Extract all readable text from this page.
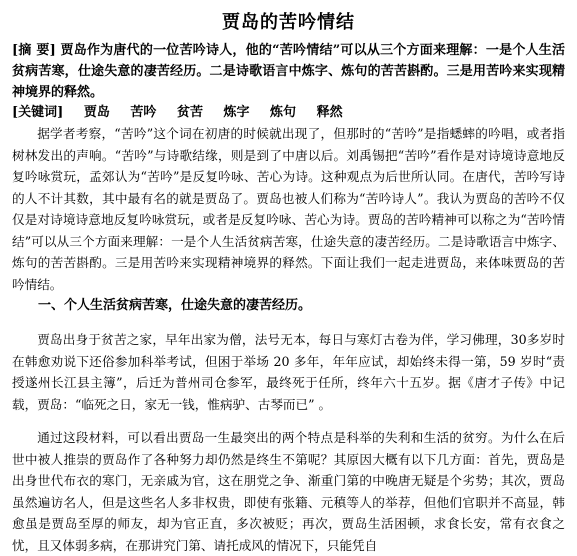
贾岛的苦吟情结

[摘 要] 贾岛作为唐代的一位苦吟诗人，他的“苦吟情结”可以从三个方面来理解：一是个人生活贫病苦寒，仕途失意的凄苦经历。二是诗歌语言中炼字、炼句的苦苦斟酌。三是用苦吟来实现精神境界的释然。

[关键词] 贾岛 苦吟 贫苦 炼字 炼句 释然

据学者考察，“苦吟”这个词在初唐的时候就出现了，但那时的“苦吟”是指蟋蟀的吟唱，或者指树林发出的声响。“苦吟”与诗歌结缘，则是到了中唐以后。刘禹锡把“苦吟”看作是对诗境诗意地反复吟咏赏玩，孟郊认为“苦吟”是反复吟咏、苦心为诗。这种观点为后世所认同。在唐代，苦吟写诗的人不计其数，其中最有名的就是贾岛了。贾岛也被人们称为“苦吟诗人”。我认为贾岛的苦吟不仅仅是对诗境诗意地反复吟咏赏玩，或者是反复吟咏、苦心为诗。贾岛的苦吟精神可以称之为“苦吟情结”可以从三个方面来理解：一是个人生活贫病苦寒，仕途失意的凄苦经历。二是诗歌语言中炼字、炼句的苦苦斟酌。三是用苦吟来实现精神境界的释然。下面让我们一起走进贾岛，来体味贾岛的苦吟情结。

一、个人生活贫病苦寒，仕途失意的凄苦经历。

贾岛出身于贫苦之家，早年出家为僧，法号无本，每日与寒灯古卷为伴，学习佛理，30多岁时在韩愈劝说下还俗参加科举考试，但困于举场 20 多年，年年应试，却始终未得一第，59 岁时“责授遂州长江县主簿”，后迁为普州司仓参军，最终死于任所，终年六十五岁。据《唐才子传》中记载，贾岛：“临死之日，家无一钱，惟病驴、古琴而已” 。

通过这段材料，可以看出贾岛一生最突出的两个特点是科举的失利和生活的贫穷。为什么在后世中被人推崇的贾岛作了各种努力却仍然是终生不第呢？其原因大概有以下几方面：首先，贾岛是出身世代布衣的寒门，无亲戚为官，这在朋党之争、渐重门第的中晚唐无疑是个劣势；其次，贾岛虽然遍访名人，但是这些名人多非权贵，即使有张籍、元稹等人的举荐，但他们官职并不高显，韩愈虽是贾岛至厚的师友，却为官正直，多次被贬；再次，贾岛生活困顿，求食长安，常有衣食之忧，且又体弱多病，在那讲究门第、请托成风的情况下，只能凭自
